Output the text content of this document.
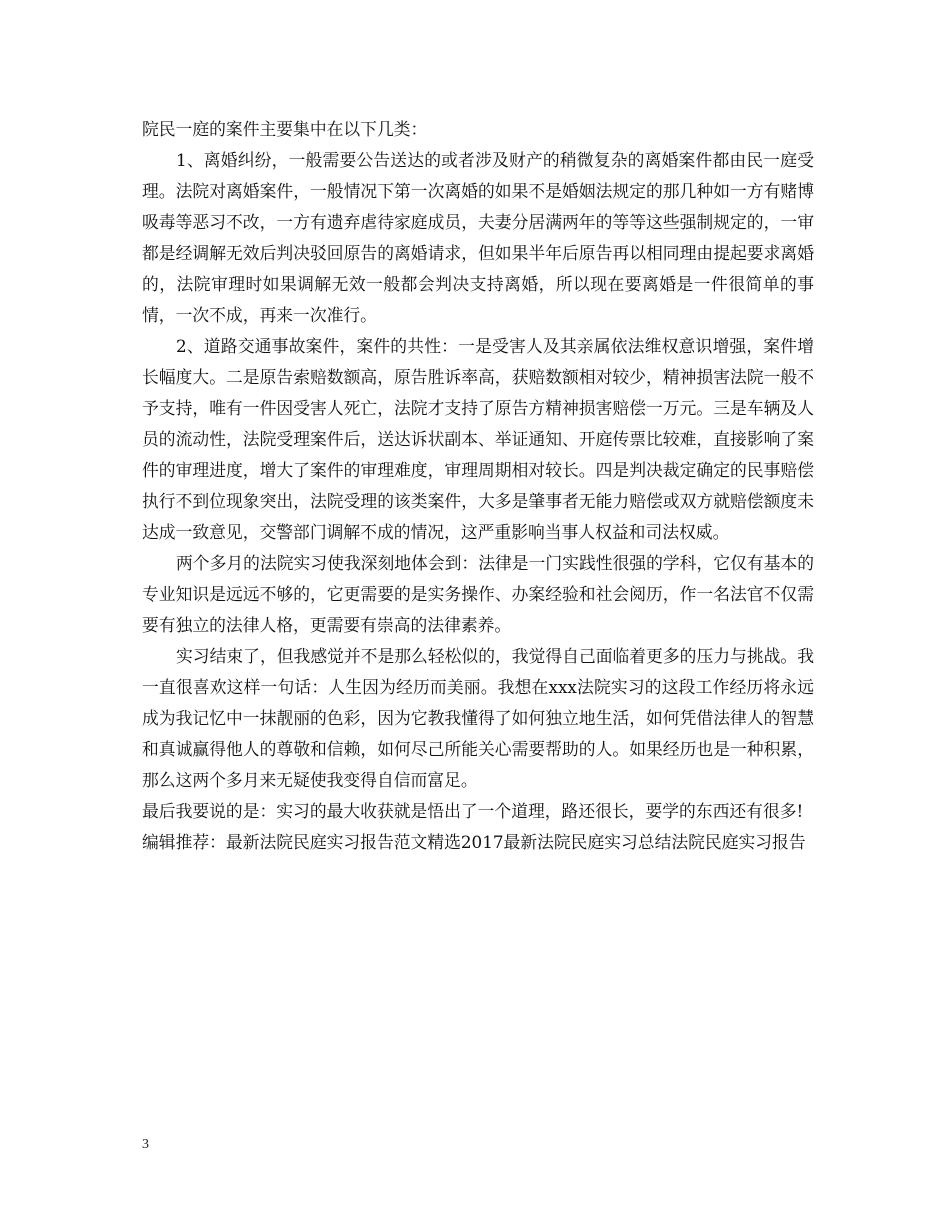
院民一庭的案件主要集中在以下几类：

1、离婚纠纷，一般需要公告送达的或者涉及财产的稍微复杂的离婚案件都由民一庭受理。法院对离婚案件，一般情况下第一次离婚的如果不是婚姻法规定的那几种如一方有赌博吸毒等恶习不改，一方有遗弃虐待家庭成员，夫妻分居满两年的等等这些强制规定的，一审都是经调解无效后判决驳回原告的离婚请求，但如果半年后原告再以相同理由提起要求离婚的，法院审理时如果调解无效一般都会判决支持离婚，所以现在要离婚是一件很简单的事情，一次不成，再来一次准行。

2、道路交通事故案件，案件的共性：一是受害人及其亲属依法维权意识增强，案件增长幅度大。二是原告索赔数额高，原告胜诉率高，获赔数额相对较少，精神损害法院一般不予支持，唯有一件因受害人死亡，法院才支持了原告方精神损害赔偿一万元。三是车辆及人员的流动性，法院受理案件后，送达诉状副本、举证通知、开庭传票比较难，直接影响了案件的审理进度，增大了案件的审理难度，审理周期相对较长。四是判决裁定确定的民事赔偿执行不到位现象突出，法院受理的该类案件，大多是肇事者无能力赔偿或双方就赔偿额度未达成一致意见，交警部门调解不成的情况，这严重影响当事人权益和司法权威。

两个多月的法院实习使我深刻地体会到：法律是一门实践性很强的学科，它仅有基本的专业知识是远远不够的，它更需要的是实务操作、办案经验和社会阅历，作一名法官不仅需要有独立的法律人格，更需要有崇高的法律素养。

实习结束了，但我感觉并不是那么轻松似的，我觉得自己面临着更多的压力与挑战。我一直很喜欢这样一句话：人生因为经历而美丽。我想在xxx法院实习的这段工作经历将永远成为我记忆中一抹靓丽的色彩，因为它教我懂得了如何独立地生活，如何凭借法律人的智慧和真诚赢得他人的尊敬和信赖，如何尽己所能关心需要帮助的人。如果经历也是一种积累，那么这两个多月来无疑使我变得自信而富足。

最后我要说的是：实习的最大收获就是悟出了一个道理，路还很长，要学的东西还有很多!

编辑推荐：最新法院民庭实习报告范文精选2017最新法院民庭实习总结法院民庭实习报告

3
